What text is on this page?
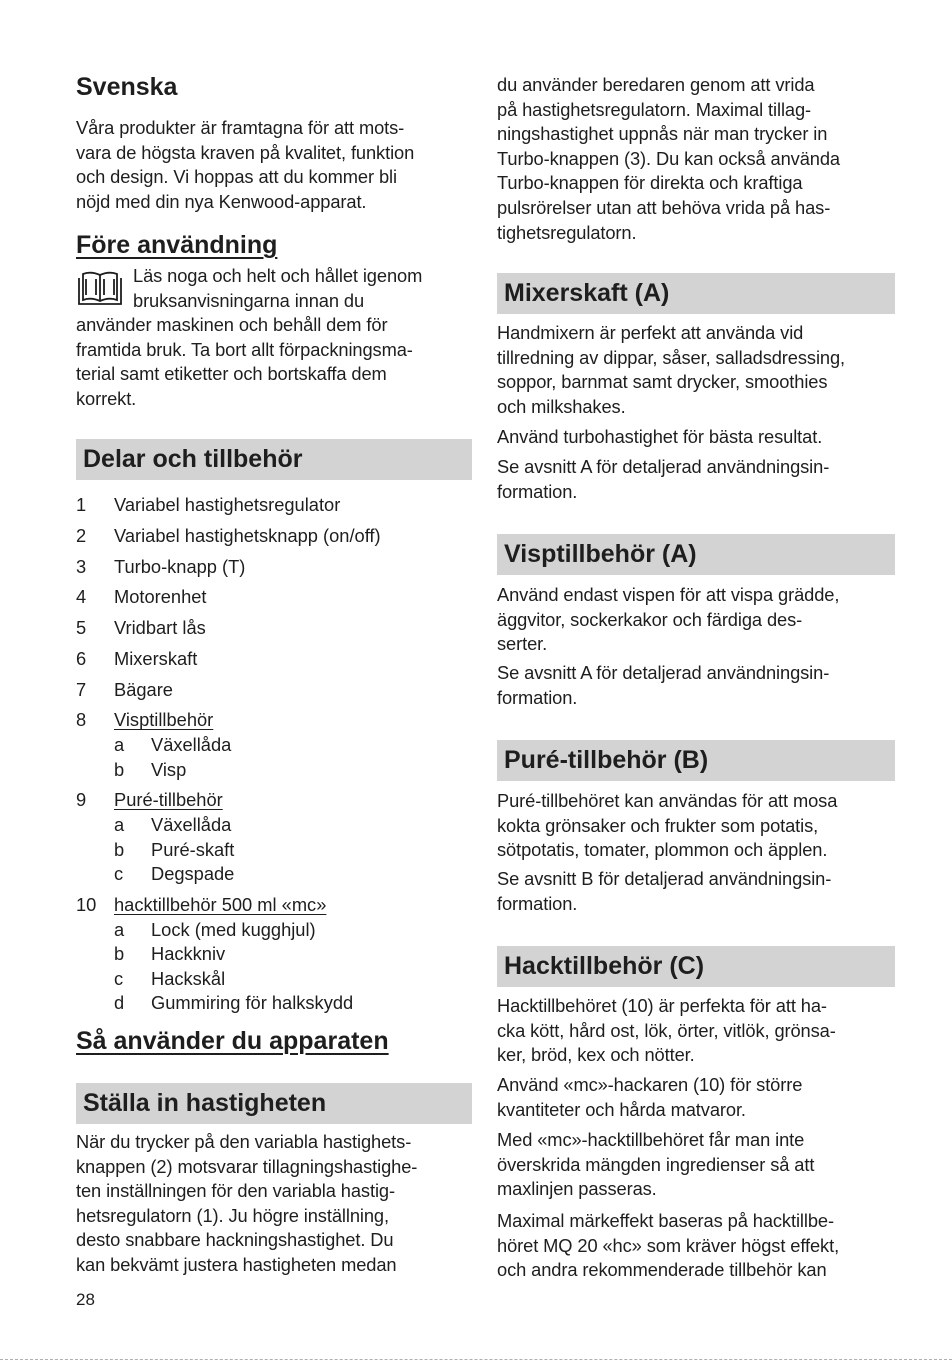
Svenska

Våra produkter är framtagna för att mots-
vara de högsta kraven på kvalitet, funktion
och design. Vi hoppas att du kommer bli
nöjd med din nya Kenwood-apparat.

Före användning

Läs noga och helt och hållet igenom
bruksanvisningarna innan du

använder maskinen och behåll dem för
framtida bruk. Ta bort allt förpackningsma-
terial samt etiketter och bortskaffa dem
korrekt.

Delar och tillbehör
1	Variabel hastighetsregulator
2	Variabel hastighetsknapp (on/off)
3	Turbo-knapp (T)
4	Motorenhet
5	Vridbart lås
6	Mixerskaft
7	Bägare
8	Visptillbehör
a	Växellåda
b	Visp
9	Puré-tillbehör
a	Växellåda
b	Puré-skaft
c	Degspade
10 hacktillbehör 500 ml «mc»
a	Lock (med kugghjul)
b	Hackkniv
c	Hackskål
d	Gummiring för halkskydd
Så använder du apparaten
Ställa in hastigheten

När du trycker på den variabla hastighets-
knappen (2) motsvarar tillagningshastighe-
ten inställningen för den variabla hastig-
hetsregulatorn (1). Ju högre inställning,
desto snabbare hackningshastighet. Du
kan bekvämt justera hastigheten medan

du använder beredaren genom att vrida
på hastighetsregulatorn. Maximal tillag-
ningshastighet uppnås när man trycker in
Turbo-knappen (3). Du kan också använda
Turbo-knappen för direkta och kraftiga
pulsrörelser utan att behöva vrida på has-
tighetsregulatorn.

Mixerskaft (A)

Handmixern är perfekt att använda vid
tillredning av dippar, såser, salladsdressing,
soppor, barnmat samt drycker, smoothies
och milkshakes.

Använd turbohastighet för bästa resultat.

Se avsnitt A för detaljerad användningsin-
formation.

Visptillbehör (A)

Använd endast vispen för att vispa grädde,
äggvitor, sockerkakor och färdiga des-
serter.

Se avsnitt A för detaljerad användningsin-
formation.

Puré-tillbehör (B)

Puré-tillbehöret kan användas för att mosa
kokta grönsaker och frukter som potatis,
sötpotatis, tomater, plommon och äpplen.

Se avsnitt B för detaljerad användningsin-
formation.

Hacktillbehör (C)

Hacktillbehöret (10) är perfekta för att ha-
cka kött, hård ost, lök, örter, vitlök, grönsa-
ker, bröd, kex och nötter.

Använd «mc»-hackaren (10) för större
kvantiteter och hårda matvaror.

Med «mc»-hacktillbehöret får man inte
överskrida mängden ingredienser så att
maxlinjen passeras.

Maximal märkeffekt baseras på hacktillbe-
höret MQ 20 «hc» som kräver högst effekt,
och andra rekommenderade tillbehör kan

28
